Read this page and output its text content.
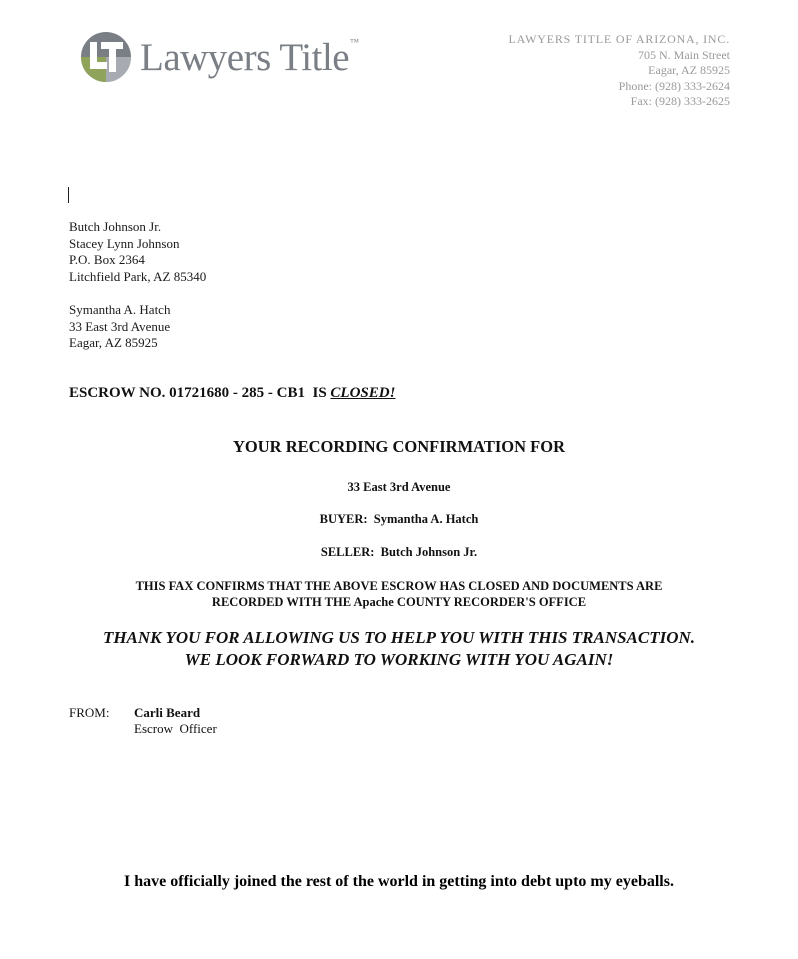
Lawyers Title™	LAWYERS TITLE OF ARIZONA, INC.
705 N. Main Street
Eagar, AZ 85925
Phone: (928) 333-2624
Fax: (928) 333-2625
Butch Johnson Jr.
Stacey Lynn Johnson
P.O. Box 2364
Litchfield Park, AZ 85340
Symantha A. Hatch
33 East 3rd Avenue
Eagar, AZ 85925
ESCROW NO. 01721680 - 285 - CB1  IS CLOSED!
YOUR RECORDING CONFIRMATION FOR
33 East 3rd Avenue
BUYER:  Symantha A. Hatch
SELLER:  Butch Johnson Jr.
THIS FAX CONFIRMS THAT THE ABOVE ESCROW HAS CLOSED AND DOCUMENTS ARE
RECORDED WITH THE Apache COUNTY RECORDER'S OFFICE
THANK YOU FOR ALLOWING US TO HELP YOU WITH THIS TRANSACTION.
WE LOOK FORWARD TO WORKING WITH YOU AGAIN!
FROM: Carli Beard
Escrow  Officer
I have officially joined the rest of the world in getting into debt upto my eyeballs.
